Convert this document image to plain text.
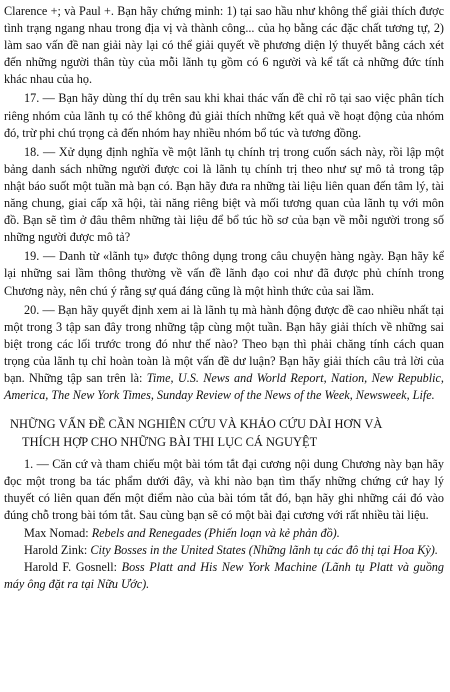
Clarence +; và Paul +. Bạn hãy chứng minh: 1) tại sao hầu như không thể giải thích được tình trạng ngang nhau trong địa vị và thành công... của họ bằng các đặc chất tương tự, 2) làm sao vấn đề nan giải này lại có thể giải quyết về phương diện lý thuyết bằng cách xét đến những người thân tùy của mỗi lãnh tụ gồm có 6 người và kể tất cả những đức tính khác nhau của họ.

17. — Bạn hãy dùng thí dụ trên sau khi khai thác vấn đề chỉ rõ tại sao việc phân tích riêng nhóm của lãnh tụ có thể không đủ giải thích những kết quả về hoạt động của nhóm đó, trừ phi chú trọng cả đến nhóm hay nhiều nhóm bổ túc và tương đồng.

18. — Xử dụng định nghĩa về một lãnh tụ chính trị trong cuốn sách này, rồi lập một bảng danh sách những người được coi là lãnh tụ chính trị theo như sự mô tả trong tập nhật báo suốt một tuần mà bạn có. Bạn hãy đưa ra những tài liệu liên quan đến tâm lý, tài năng chung, giai cấp xã hội, tài năng riêng biệt và mối tương quan của lãnh tụ với môn đồ. Bạn sẽ tìm ở đâu thêm những tài liệu để bổ túc hồ sơ của bạn về mỗi người trong số những người được mô tả?

19. — Danh từ «lãnh tụ» được thông dụng trong câu chuyện hàng ngày. Bạn hãy kể lại những sai lầm thông thường về vấn đề lãnh đạo coi như đã được phủ chính trong Chương này, nên chú ý rằng sự quá đáng cũng là một hình thức của sai lầm.

20. — Bạn hãy quyết định xem ai là lãnh tụ mà hành động được đề cao nhiều nhất tại một trong 3 tập san đây trong những tập cùng một tuần. Bạn hãy giải thích về những sai biệt trong các lối trước trong đó như thế nào? Theo bạn thì phải chăng tính cách quan trọng của lãnh tụ chỉ hoàn toàn là một vấn đề dư luận? Bạn hãy giải thích câu trả lời của bạn. Những tập san trên là: Time, U.S. News and World Report, Nation, New Republic, America, The New York Times, Sunday Review of the News of the Week, Newsweek, Life.

NHỮNG VẤN ĐỀ CẦN NGHIÊN CỨU VÀ KHẢO CỨU DÀI HƠN VÀ
THÍCH HỢP CHO NHỮNG BÀI THI LỤC CÁ NGUYỆT

1. — Căn cứ và tham chiếu một bài tóm tắt đại cương nội dung Chương này bạn hãy đọc một trong ba tác phẩm dưới đây, và khi nào bạn tìm thấy những chứng cứ hay lý thuyết có liên quan đến một điểm nào của bài tóm tắt đó, bạn hãy ghi những cái đó vào đúng chỗ trong bài tóm tắt. Sau cùng bạn sẽ có một bài đại cương với rất nhiều tài liệu.

Max Nomad: Rebels and Renegades (Phiến loạn và kẻ phản đồ).

Harold Zink: City Bosses in the United States (Những lãnh tụ các đô thị tại Hoa Kỳ).

Harold F. Gosnell: Boss Platt and His New York Machine (Lãnh tụ Platt và guồng máy ông đặt ra tại Nữu Ước).
